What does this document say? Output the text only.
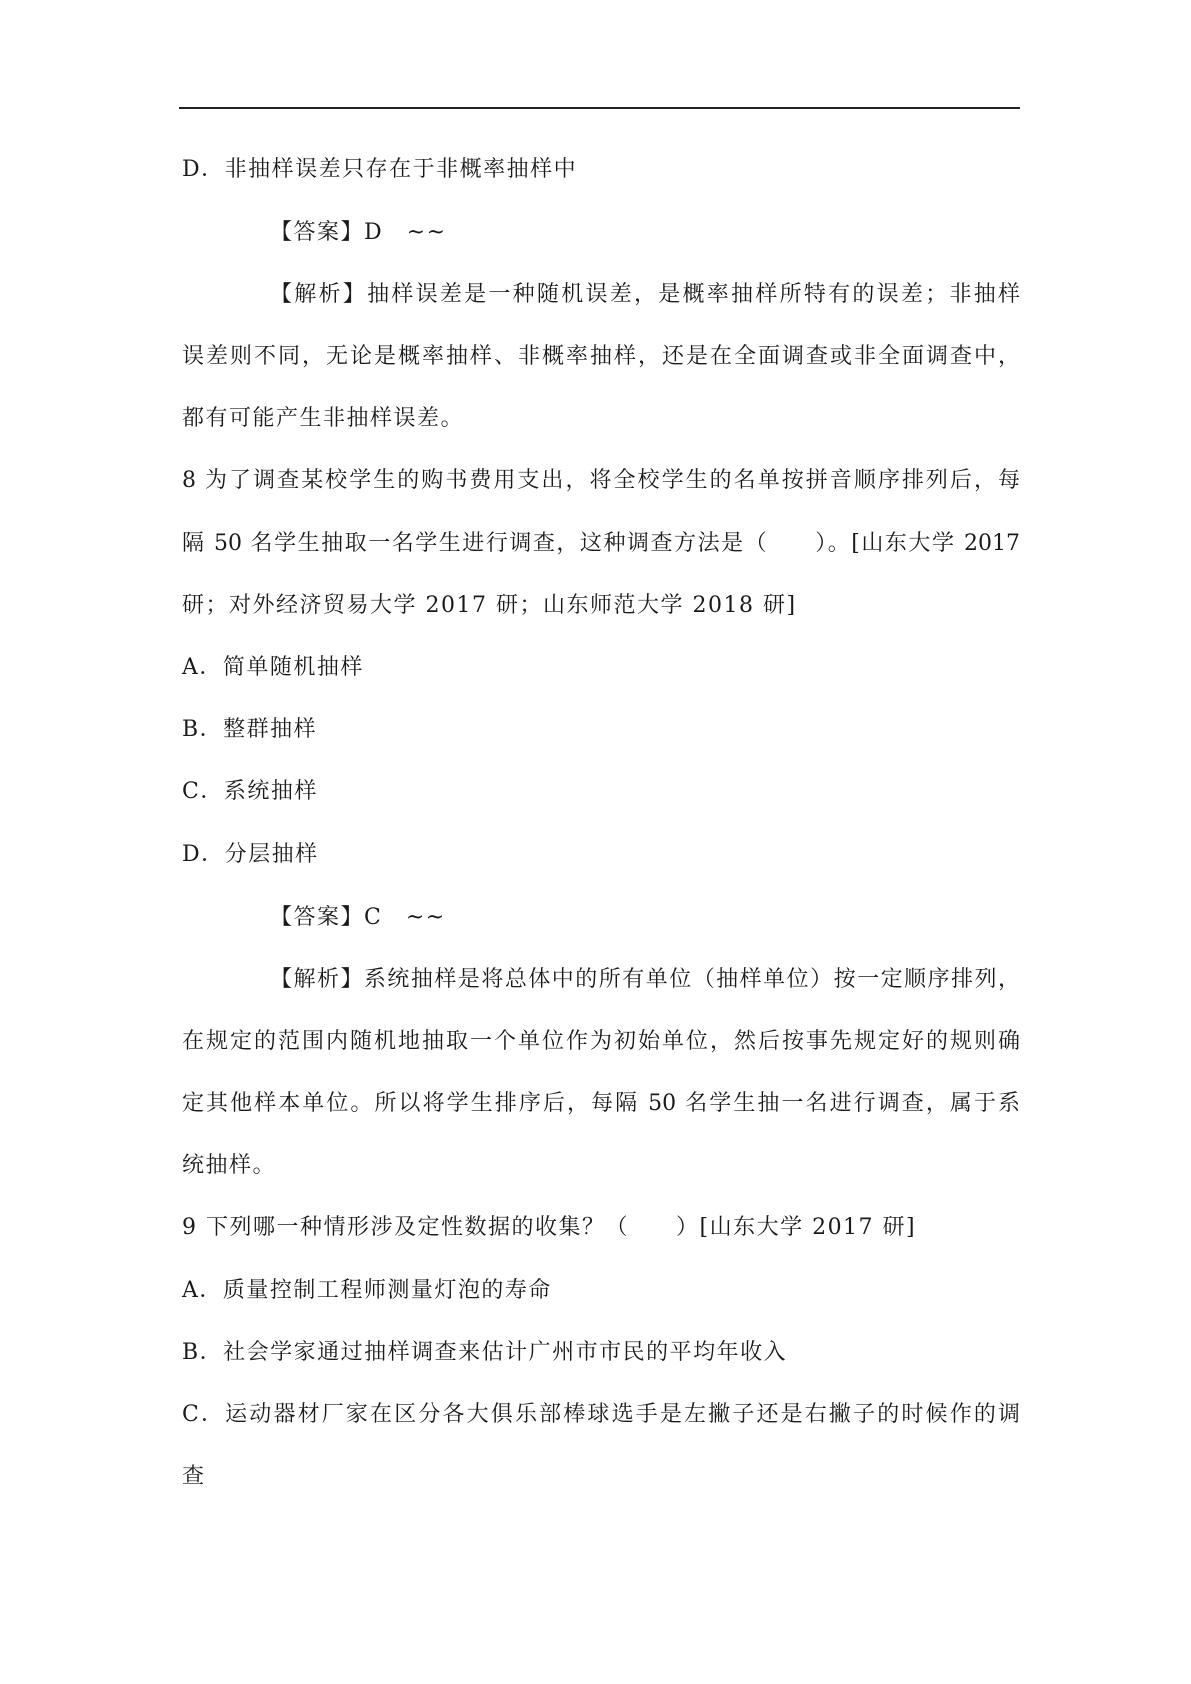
D．非抽样误差只存在于非概率抽样中
【答案】D　~~
【解析】抽样误差是一种随机误差，是概率抽样所特有的误差；非抽样
误差则不同，无论是概率抽样、非概率抽样，还是在全面调查或非全面调查中，
都有可能产生非抽样误差。
8 为了调查某校学生的购书费用支出，将全校学生的名单按拼音顺序排列后，每
隔 50 名学生抽取一名学生进行调查，这种调查方法是（　　）。[山东大学 2017
研；对外经济贸易大学 2017 研；山东师范大学 2018 研]
A．简单随机抽样
B．整群抽样
C．系统抽样
D．分层抽样
【答案】C　~~
【解析】系统抽样是将总体中的所有单位（抽样单位）按一定顺序排列，
在规定的范围内随机地抽取一个单位作为初始单位，然后按事先规定好的规则确
定其他样本单位。所以将学生排序后，每隔 50 名学生抽一名进行调查，属于系
统抽样。
9 下列哪一种情形涉及定性数据的收集？（　　）[山东大学 2017 研]
A．质量控制工程师测量灯泡的寿命
B．社会学家通过抽样调查来估计广州市市民的平均年收入
C．运动器材厂家在区分各大俱乐部棒球选手是左撇子还是右撇子的时候作的调
查
